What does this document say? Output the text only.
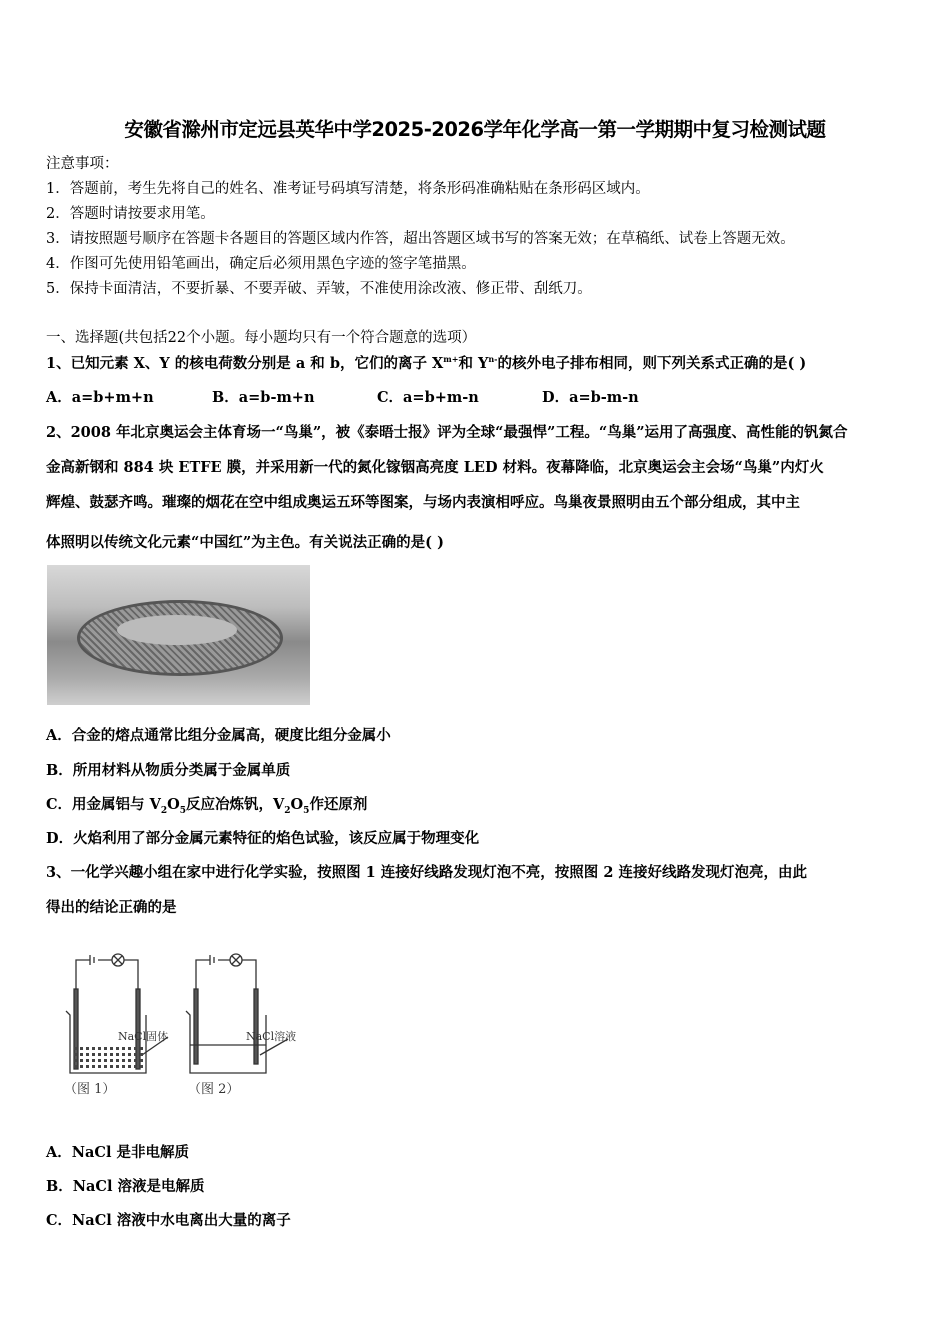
安徽省滁州市定远县英华中学2025-2026学年化学高一第一学期期中复习检测试题
注意事项：
1．答题前，考生先将自己的姓名、准考证号码填写清楚，将条形码准确粘贴在条形码区域内。
2．答题时请按要求用笔。
3．请按照题号顺序在答题卡各题目的答题区域内作答，超出答题区域书写的答案无效；在草稿纸、试卷上答题无效。
4．作图可先使用铅笔画出，确定后必须用黑色字迹的签字笔描黑。
5．保持卡面清洁，不要折暴、不要弄破、弄皱，不准使用涂改液、修正带、刮纸刀。
一、选择题(共包括22个小题。每小题均只有一个符合题意的选项）
1、已知元素 X、Y 的核电荷数分别是 a 和 b，它们的离子 $X^{m+}$和 $Y^{n-}$的核外电子排布相同，则下列关系式正确的是( )
A．a=b+m+n	B．a=b-m+n	C．a=b+m-n	D．a=b-m-n
2、2008 年北京奥运会主体育场一“鸟巢”，被《泰晤士报》评为全球“最强悍”工程。“鸟巢”运用了高强度、高性能的钒氮合
金高新钢和 884 块 ETFE 膜，并采用新一代的氮化镓铟高亮度 LED 材料。夜幕降临，北京奥运会主会场“鸟巢”内灯火
辉煌、鼓瑟齐鸣。璀璨的烟花在空中组成奥运五环等图案，与场内表演相呼应。鸟巢夜景照明由五个部分组成，其中主
体照明以传统文化元素“中国红”为主色。有关说法正确的是( )
A．合金的熔点通常比组分金属高，硬度比组分金属小
B．所用材料从物质分类属于金属单质
C．用金属铝与 $V_2O_5$反应冶炼钒，$V_2O_5$作还原剂
D．火焰利用了部分金属元素特征的焰色试验，该反应属于物理变化
3、一化学兴趣小组在家中进行化学实验，按照图 1 连接好线路发现灯泡不亮，按照图 2 连接好线路发现灯泡亮，由此
得出的结论正确的是
NaCl固体	NaCl溶液
（图 1）	（图 2）
A．NaCl 是非电解质
B．NaCl 溶液是电解质
C．NaCl 溶液中水电离出大量的离子
